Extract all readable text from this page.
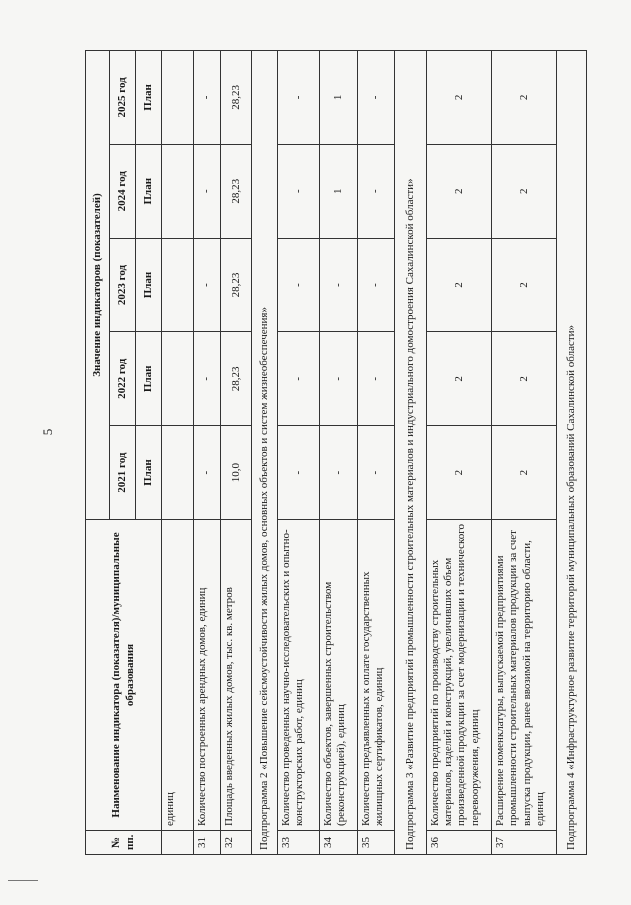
5
№ пп.	Наименование индикатора (показателя)/муниципальные образования	Значение индикаторов (показателей)				
		2021 год	2022 год	2023 год	2024 год	2025 год
		План	План	План	План	План
	единиц					
31	Количество построенных арендных домов, единиц	-	-	-	-	-
32	Площадь введенных жилых домов, тыс. кв. метров	10,0	28,23	28,23	28,23	28,23
Подпрограмма 2 «Повышение сейсмоустойчивости жилых домов, основных объектов и систем жизнеобеспечения»						
33	Количество проведенных научно-исследовательских и опытно-конструкторских работ, единиц	-	-	-	-	-
34	Количество объектов, завершенных строительством (реконструкцией), единиц	-	-	-	1	1
35	Количество предъявленных к оплате государственных жилищных сертификатов, единиц	-	-	-	-	-
Подпрограмма 3 «Развитие предприятий промышленности строительных материалов и индустриального домостроения Сахалинской области»						
36	Количество предприятий по производству строительных материалов, изделий и конструкций, увеличивших объем произведенной продукции за счет модернизации и технического перевооружения, единиц	2	2	2	2	2
37	Расширение номенклатуры, выпускаемой предприятиями промышленности строительных материалов продукции за счет выпуска продукции, ранее ввозимой на территорию области, единиц	2	2	2	2	2
Подпрограмма 4 «Инфраструктурное развитие территорий муниципальных образований Сахалинской области»						
